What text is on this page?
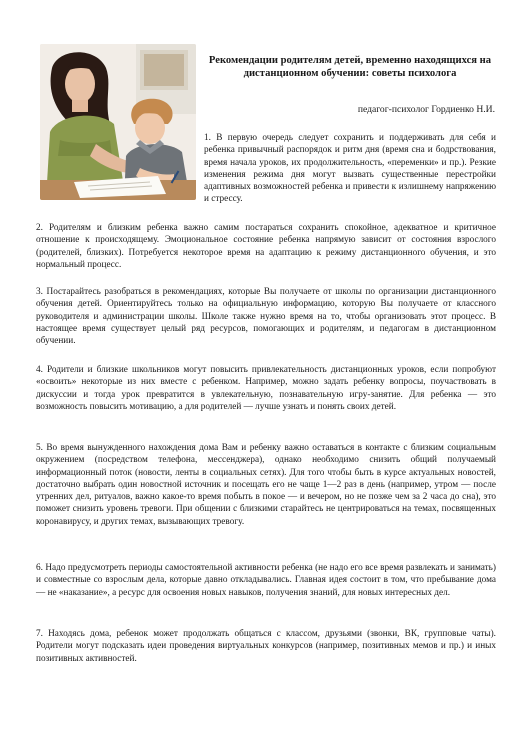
Рекомендации родителям детей, временно находящихся на дистанционном обучении: советы психолога
педагог-психолог Гордиенко Н.И.

1. В первую очередь следует сохранить и поддерживать для себя и ребенка привычный распорядок и ритм дня (время сна и бодрствования, время начала уроков, их продолжительность, «переменки» и пр.). Резкие изменения режима дня могут вызвать существенные перестройки адаптивных возможностей ребенка и привести к излишнему напряжению и стрессу.

2. Родителям и близким ребенка важно самим постараться сохранить спокойное, адекватное и критичное отношение к происходящему. Эмоциональное состояние ребенка напрямую зависит от состояния взрослого (родителей, близких). Потребуется некоторое время на адаптацию к режиму дистанционного обучения, и это нормальный процесс.

3. Постарайтесь разобраться в рекомендациях, которые Вы получаете от школы по организации дистанционного обучения детей. Ориентируйтесь только на официальную информацию, которую Вы получаете от классного руководителя и администрации школы. Школе также нужно время на то, чтобы организовать этот процесс. В настоящее время существует целый ряд ресурсов, помогающих и родителям, и педагогам в дистанционном обучении.

4. Родители и близкие школьников могут повысить привлекательность дистанционных уроков, если попробуют «освоить» некоторые из них вместе с ребенком. Например, можно задать ребенку вопросы, поучаствовать в дискуссии и тогда урок превратится в увлекательную, познавательную игру-занятие. Для ребенка — это возможность повысить мотивацию, а для родителей — лучше узнать и понять своих детей.

5. Во время вынужденного нахождения дома Вам и ребенку важно оставаться в контакте с близким социальным окружением (посредством телефона, мессенджера), однако необходимо снизить общий получаемый информационный поток (новости, ленты в социальных сетях). Для того чтобы быть в курсе актуальных новостей, достаточно выбрать один новостной источник и посещать его не чаще 1—2 раз в день (например, утром — после утренних дел, ритуалов, важно какое-то время побыть в покое — и вечером, но не позже чем за 2 часа до сна), это поможет снизить уровень тревоги. При общении с близкими старайтесь не центрироваться на темах, посвященных коронавирусу, и других темах, вызывающих тревогу.

6. Надо предусмотреть периоды самостоятельной активности ребенка (не надо его все время развлекать и занимать) и совместные со взрослым дела, которые давно откладывались. Главная идея состоит в том, что пребывание дома — не «наказание», а ресурс для освоения новых навыков, получения знаний, для новых интересных дел.

7. Находясь дома, ребенок может продолжать общаться с классом, друзьями (звонки, ВК, групповые чаты). Родители могут подсказать идеи проведения виртуальных конкурсов (например, позитивных мемов и пр.) и иных позитивных активностей.
